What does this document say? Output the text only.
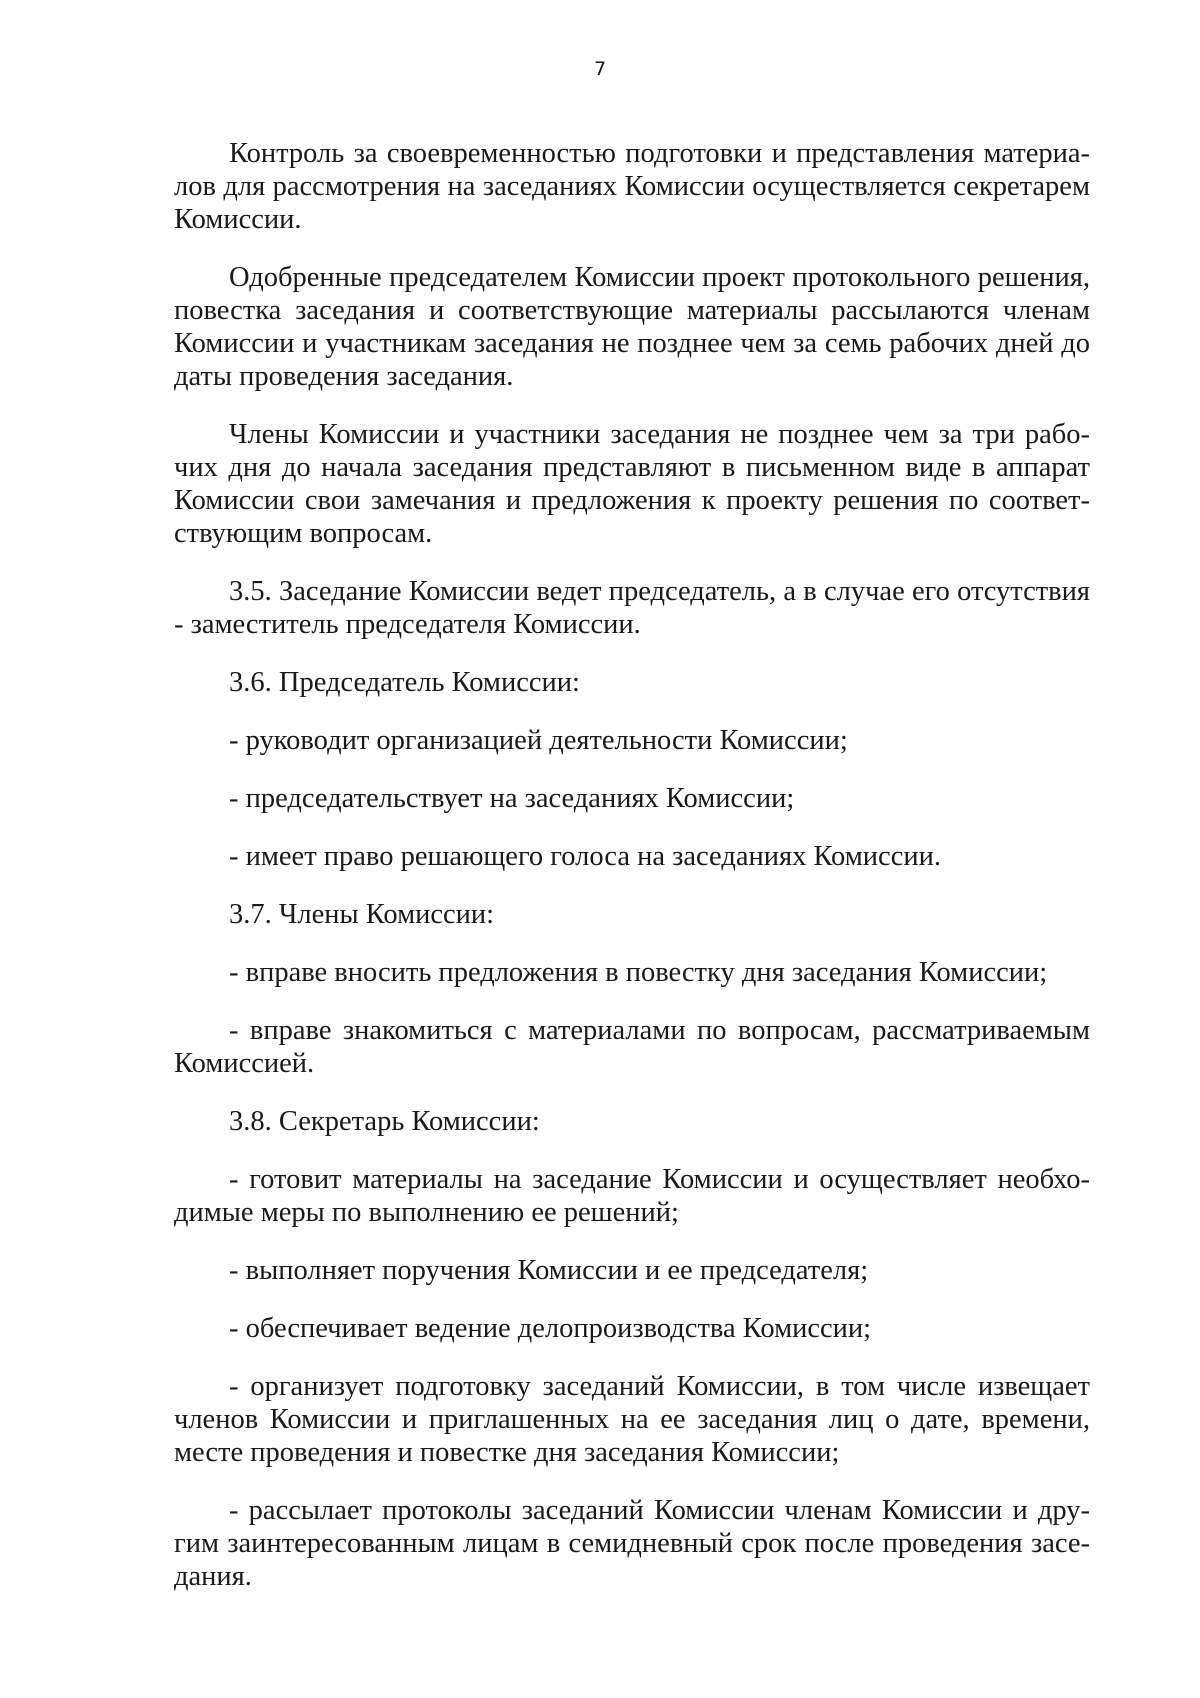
7
Контроль за своевременностью подготовки и представления материа-
лов для рассмотрения на заседаниях Комиссии осуществляется секретарем
Комиссии.
Одобренные председателем Комиссии проект протокольного решения,
повестка заседания и соответствующие материалы рассылаются членам
Комиссии и участникам заседания не позднее чем за семь рабочих дней до
даты проведения заседания.
Члены Комиссии и участники заседания не позднее чем за три рабо-
чих дня до начала заседания представляют в письменном виде в аппарат
Комиссии свои замечания и предложения к проекту решения по соответ-
ствующим вопросам.
3.5. Заседание Комиссии ведет председатель, а в случае его отсутствия
- заместитель председателя Комиссии.
3.6. Председатель Комиссии:
- руководит организацией деятельности Комиссии;
- председательствует на заседаниях Комиссии;
- имеет право решающего голоса на заседаниях Комиссии.
3.7. Члены Комиссии:
- вправе вносить предложения в повестку дня заседания Комиссии;
- вправе знакомиться с материалами по вопросам, рассматриваемым
Комиссией.
3.8. Секретарь Комиссии:
- готовит материалы на заседание Комиссии и осуществляет необхо-
димые меры по выполнению ее решений;
- выполняет поручения Комиссии и ее председателя;
- обеспечивает ведение делопроизводства Комиссии;
- организует подготовку заседаний Комиссии, в том числе извещает
членов Комиссии и приглашенных на ее заседания лиц о дате, времени,
месте проведения и повестке дня заседания Комиссии;
- рассылает протоколы заседаний Комиссии членам Комиссии и дру-
гим заинтересованным лицам в семидневный срок после проведения засе-
дания.
